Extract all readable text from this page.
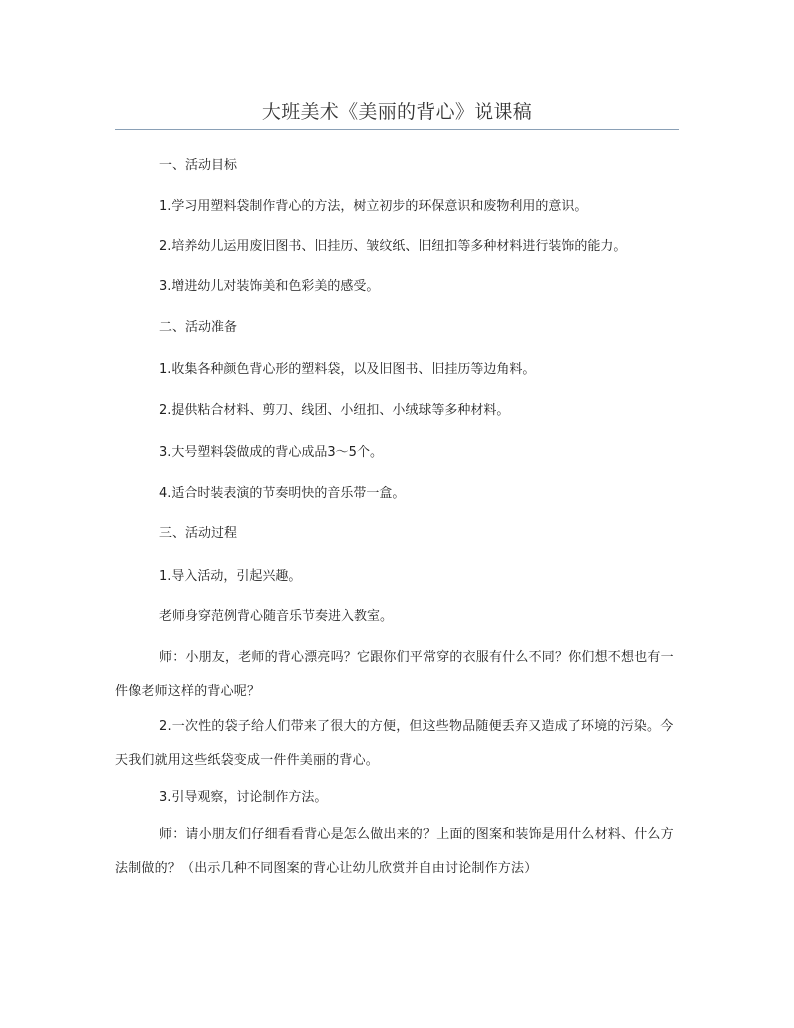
大班美术《美丽的背心》说课稿
一、活动目标
1.学习用塑料袋制作背心的方法，树立初步的环保意识和废物利用的意识。
2.培养幼儿运用废旧图书、旧挂历、皱纹纸、旧纽扣等多种材料进行装饰的能力。
3.增进幼儿对装饰美和色彩美的感受。
二、活动准备
1.收集各种颜色背心形的塑料袋，以及旧图书、旧挂历等边角料。
2.提供粘合材料、剪刀、线团、小纽扣、小绒球等多种材料。
3.大号塑料袋做成的背心成品3～5个。
4.适合时装表演的节奏明快的音乐带一盒。
三、活动过程
1.导入活动，引起兴趣。
老师身穿范例背心随音乐节奏进入教室。
师：小朋友，老师的背心漂亮吗？它跟你们平常穿的衣服有什么不同？你们想不想也有一件像老师这样的背心呢？
2.一次性的袋子给人们带来了很大的方便，但这些物品随便丢弃又造成了环境的污染。今天我们就用这些纸袋变成一件件美丽的背心。
3.引导观察，讨论制作方法。
师：请小朋友们仔细看看背心是怎么做出来的？上面的图案和装饰是用什么材料、什么方法制做的？（出示几种不同图案的背心让幼儿欣赏并自由讨论制作方法）
